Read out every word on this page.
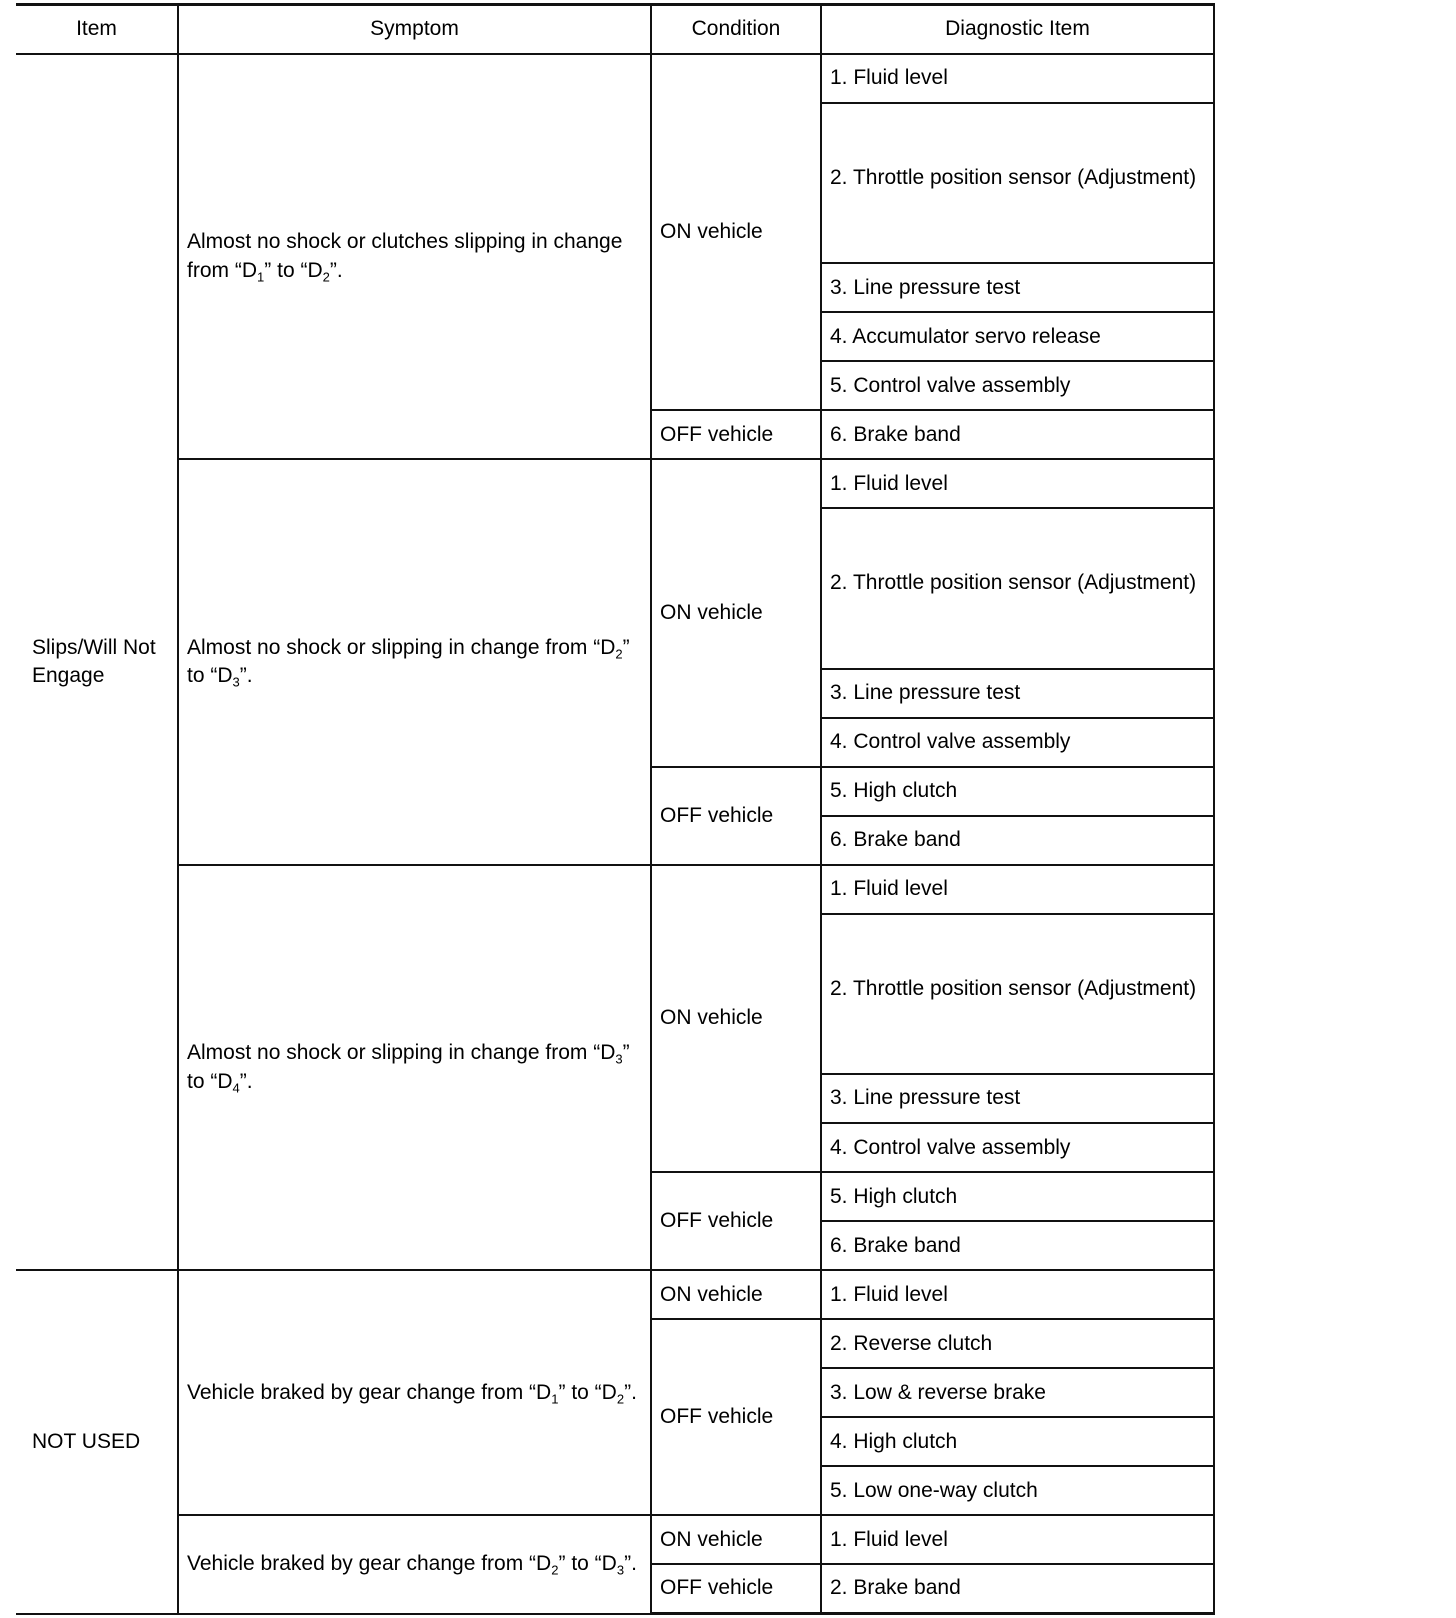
Item	Symptom	Condition	Diagnostic Item
Slips/Will Not Engage	Almost no shock or clutches slipping in change from “$D_1$” to “$D_2$”.	ON vehicle	1. Fluid level
			2. Throttle position sensor (Adjustment)
			3. Line pressure test
			4. Accumulator servo release
			5. Control valve assembly
		OFF vehicle	6. Brake band
	Almost no shock or slipping in change from “$D_2$” to “$D_3$”.	ON vehicle	1. Fluid level
			2. Throttle position sensor (Adjustment)
			3. Line pressure test
			4. Control valve assembly
		OFF vehicle	5. High clutch
			6. Brake band
	Almost no shock or slipping in change from “$D_3$” to “$D_4$”.	ON vehicle	1. Fluid level
			2. Throttle position sensor (Adjustment)
			3. Line pressure test
			4. Control valve assembly
		OFF vehicle	5. High clutch
			6. Brake band
NOT USED	Vehicle braked by gear change from “$D_1$” to “$D_2$”.	ON vehicle	1. Fluid level
		OFF vehicle	2. Reverse clutch
			3. Low & reverse brake
			4. High clutch
			5. Low one-way clutch
	Vehicle braked by gear change from “$D_2$” to “$D_3$”.	ON vehicle	1. Fluid level
		OFF vehicle	2. Brake band
